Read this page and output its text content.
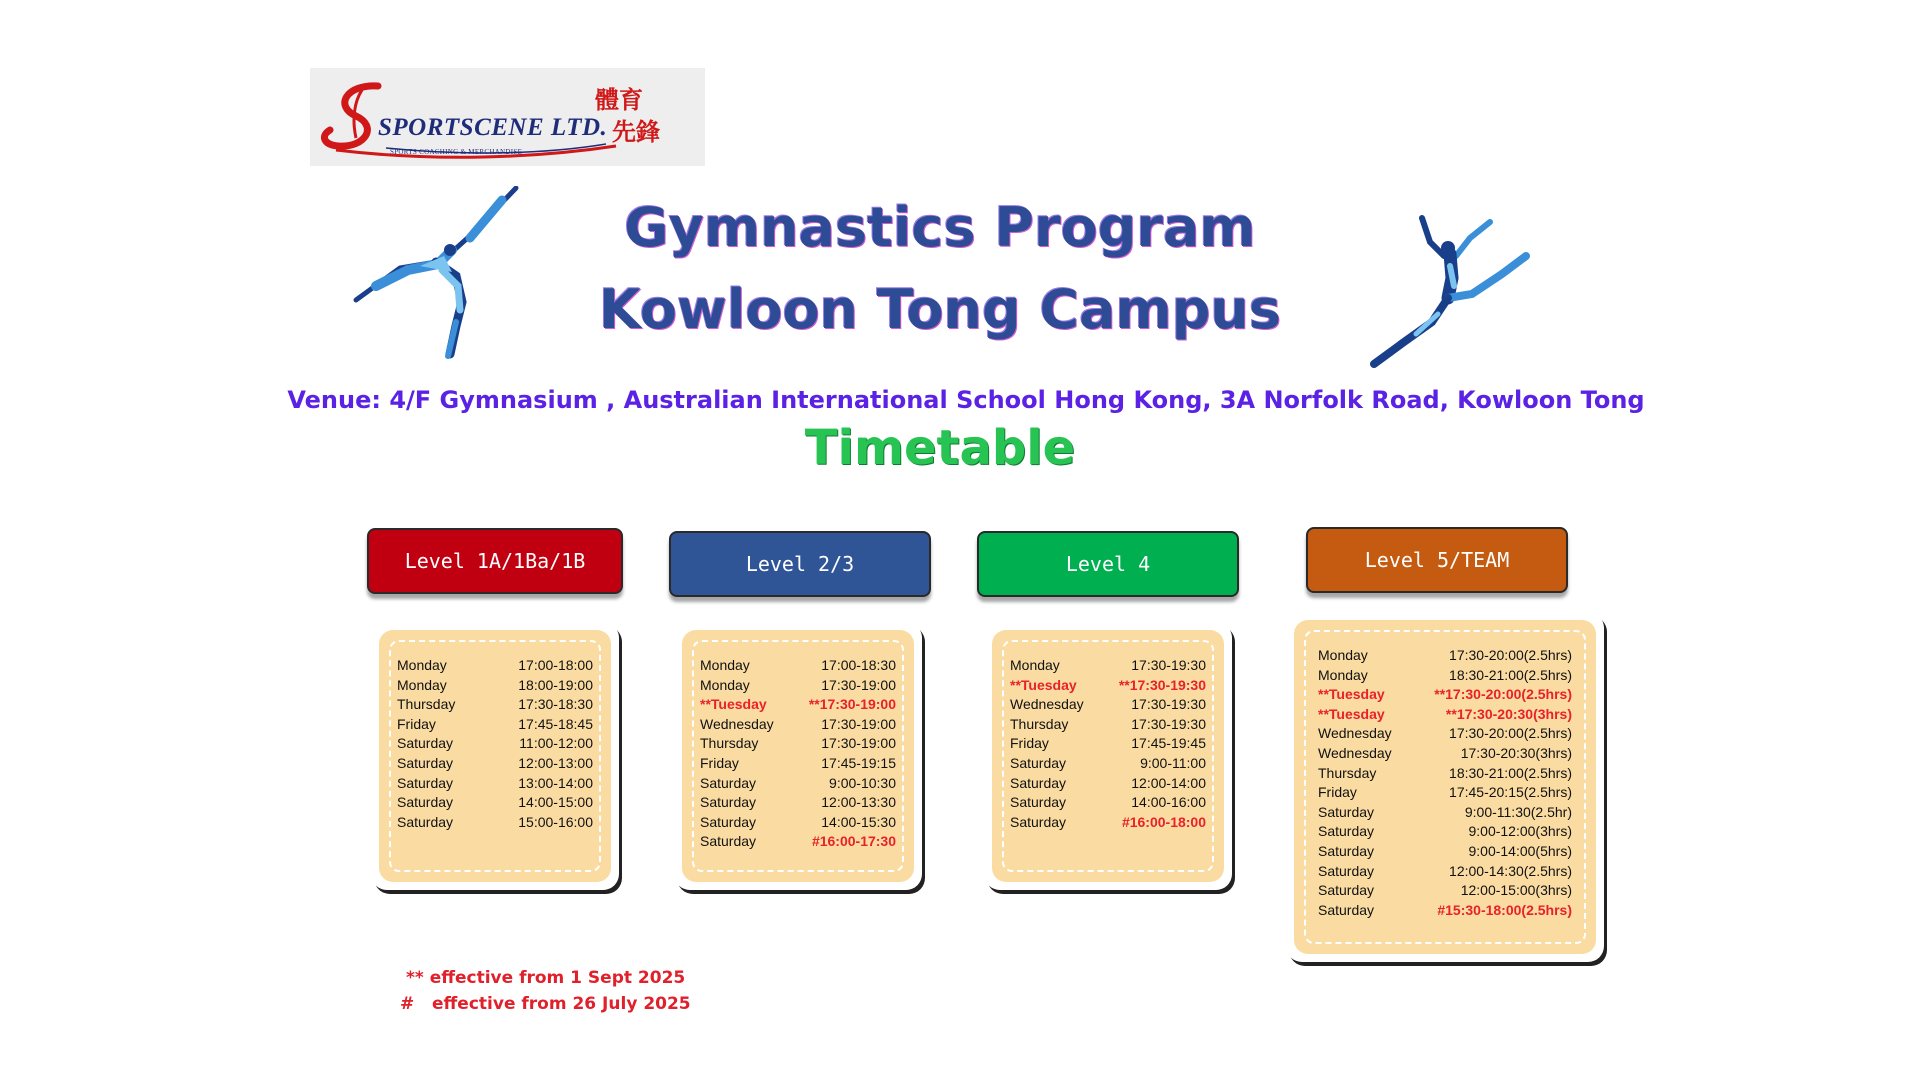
SPORTSCENE LTD.
體育
先鋒
SPORTS COACHING & MERCHANDISE
Gymnastics Program
Kowloon Tong Campus
Venue: 4/F Gymnasium , Australian International School Hong Kong, 3A Norfolk Road, Kowloon Tong
Timetable
Level 1A/1Ba/1B	Level 2/3	Level 4	Level 5/TEAM
Monday	17:00-18:00
Monday	18:00-19:00
Thursday	17:30-18:30
Friday	17:45-18:45
Saturday	11:00-12:00
Saturday	12:00-13:00
Saturday	13:00-14:00
Saturday	14:00-15:00
Saturday	15:00-16:00
Monday	17:00-18:30
Monday	17:30-19:00
**Tuesday	**17:30-19:00
Wednesday	17:30-19:00
Thursday	17:30-19:00
Friday	17:45-19:15
Saturday	9:00-10:30
Saturday	12:00-13:30
Saturday	14:00-15:30
Saturday	#16:00-17:30
Monday	17:30-19:30
**Tuesday	**17:30-19:30
Wednesday	17:30-19:30
Thursday	17:30-19:30
Friday	17:45-19:45
Saturday	9:00-11:00
Saturday	12:00-14:00
Saturday	14:00-16:00
Saturday	#16:00-18:00
Monday	17:30-20:00(2.5hrs)
Monday	18:30-21:00(2.5hrs)
**Tuesday	**17:30-20:00(2.5hrs)
**Tuesday	**17:30-20:30(3hrs)
Wednesday	17:30-20:00(2.5hrs)
Wednesday	17:30-20:30(3hrs)
Thursday	18:30-21:00(2.5hrs)
Friday	17:45-20:15(2.5hrs)
Saturday	9:00-11:30(2.5hr)
Saturday	9:00-12:00(3hrs)
Saturday	9:00-14:00(5hrs)
Saturday	12:00-14:30(2.5hrs)
Saturday	12:00-15:00(3hrs)
Saturday	#15:30-18:00(2.5hrs)
** effective from 1 Sept 2025
#   effective from 26 July 2025
